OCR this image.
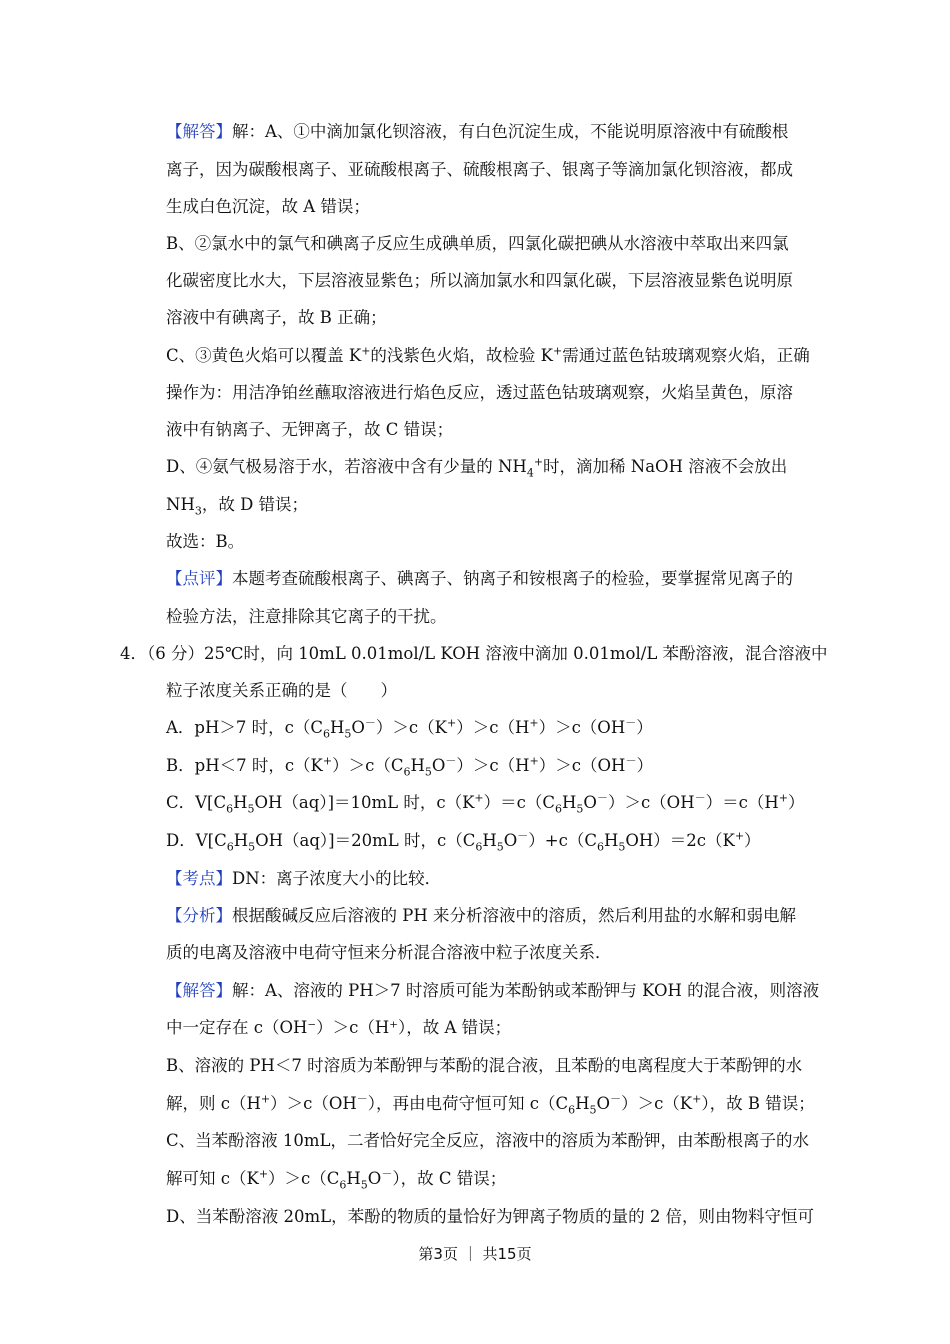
【解答】解：A、①中滴加氯化钡溶液，有白色沉淀生成，不能说明原溶液中有硫酸根
离子，因为碳酸根离子、亚硫酸根离子、硫酸根离子、银离子等滴加氯化钡溶液，都成
生成白色沉淀，故 A 错误；
B、②氯水中的氯气和碘离子反应生成碘单质，四氯化碳把碘从水溶液中萃取出来四氯
化碳密度比水大，下层溶液显紫色；所以滴加氯水和四氯化碳，下层溶液显紫色说明原
溶液中有碘离子，故 B 正确；
C、③黄色火焰可以覆盖 K+的浅紫色火焰，故检验 K+需通过蓝色钴玻璃观察火焰，正确
操作为：用洁净铂丝蘸取溶液进行焰色反应，透过蓝色钴玻璃观察，火焰呈黄色，原溶
液中有钠离子、无钾离子，故 C 错误；
D、④氨气极易溶于水，若溶液中含有少量的 $NH_4^+$时，滴加稀 NaOH 溶液不会放出
$NH_3$，故 D 错误；
故选：B。
【点评】本题考查硫酸根离子、碘离子、钠离子和铵根离子的检验，要掌握常见离子的
检验方法，注意排除其它离子的干扰。
4．（6 分）25℃时，向 10mL 0.01mol/L KOH 溶液中滴加 0.01mol/L 苯酚溶液，混合溶液中
粒子浓度关系正确的是（　　）
A．pH＞7 时，$c(C_6H_5O^-)>c(K^+)>c(H^+)>c(OH^-)$
B．pH＜7 时，$c(K^+)>c(C_6H_5O^-)>c(H^+)>c(OH^-)$
C．$V[C_6H_5OH(aq)]=10mL$ 时，$c(K^+)=c(C_6H_5O^-)>c(OH^-)=c(H^+)$
D．$V[C_6H_5OH(aq)]=20mL$ 时，$c(C_6H_5O^-)+c(C_6H_5OH)=2c(K^+)$
【考点】DN：离子浓度大小的比较．
【分析】根据酸碱反应后溶液的 PH 来分析溶液中的溶质，然后利用盐的水解和弱电解
质的电离及溶液中电荷守恒来分析混合溶液中粒子浓度关系．
【解答】解：A、溶液的 PH＞7 时溶质可能为苯酚钠或苯酚钾与 KOH 的混合液，则溶液
中一定存在 c（OH⁻）＞c（H⁺），故 A 错误；
B、溶液的 PH＜7 时溶质为苯酚钾与苯酚的混合液，且苯酚的电离程度大于苯酚钾的水
解，则 c（H+）＞c（OH－），再由电荷守恒可知 $c(C_6H_5O^-)>c(K^+)$，故 B 错误；
C、当苯酚溶液 10mL，二者恰好完全反应，溶液中的溶质为苯酚钾，由苯酚根离子的水
解可知 $c(K^+)>c(C_6H_5O^-)$，故 C 错误；
D、当苯酚溶液 20mL，苯酚的物质的量恰好为钾离子物质的量的 2 倍，则由物料守恒可
第3页 ｜ 共15页
